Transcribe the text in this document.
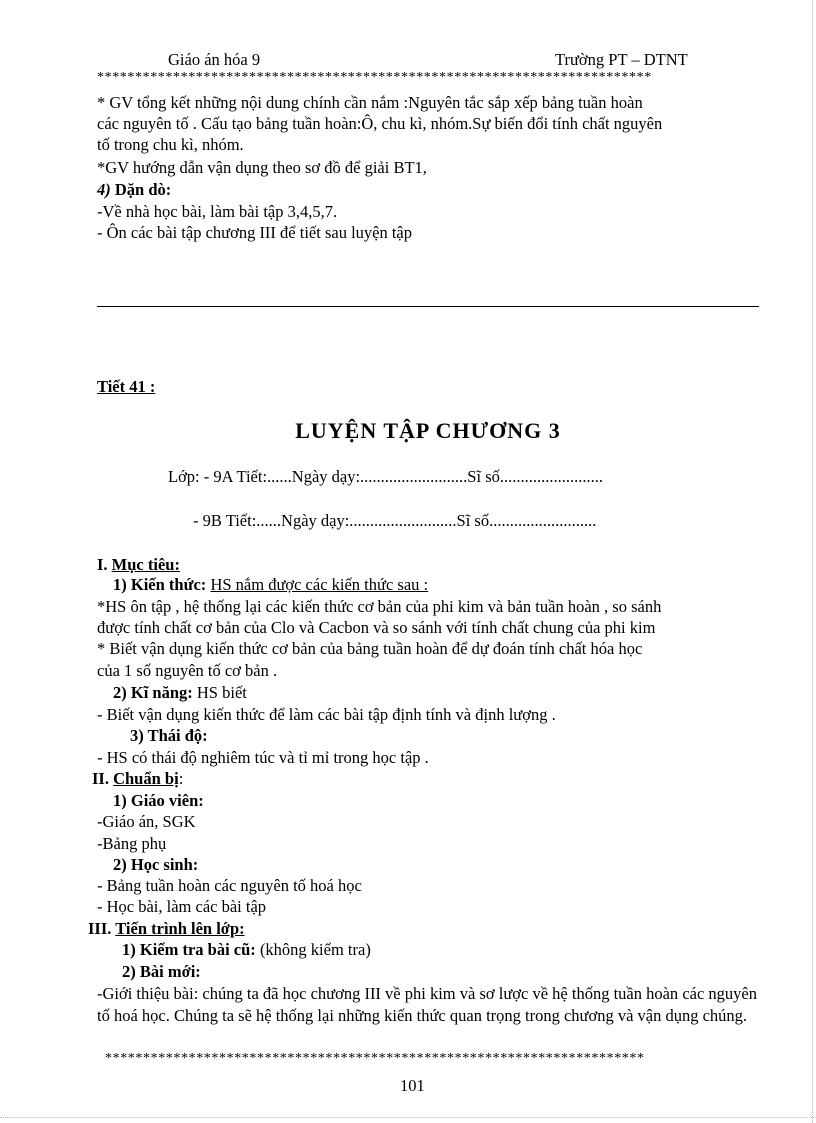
Giáo án hóa 9	Trường PT – DTNT
*************************************************************************
* GV tổng kết những nội dung chính cần nắm :Nguyên tắc sắp xếp bảng tuần hoàn
các nguyên tố . Cấu tạo bảng tuần hoàn:Ô, chu kì, nhóm.Sự biến đổi tính chất nguyên
tố trong chu kì, nhóm.
*GV hướng dẫn vận dụng theo sơ đồ để giải BT1,
4) Dặn dò:
-Về nhà học bài, làm bài tập 3,4,5,7.
- Ôn các bài tập chương III để tiết sau luyện tập
Tiết 41 :
LUYỆN TẬP CHƯƠNG 3
Lớp: - 9A Tiết:......Ngày dạy:..........................Sĩ số.........................
- 9B Tiết:......Ngày dạy:..........................Sĩ số..........................
I. Mục tiêu:
1) Kiến thức: HS nắm được các kiến thức sau :
*HS ôn tập , hệ thống lại các kiến thức cơ bản của phi kim và bản tuần hoàn , so sánh
được tính chất cơ bản của Clo và Cacbon và so sánh với tính chất chung của phi kim
* Biết vận dụng kiến thức cơ bản của bảng tuần hoàn để dự đoán tính chất hóa học
của 1 số nguyên tố cơ bản .
2) Kĩ năng: HS biết
- Biết vận dụng kiến thức để làm các bài tập định tính và định lượng .
3) Thái độ:
- HS có thái độ nghiêm túc và tỉ mỉ trong học tập .
II. Chuẩn bị:
1) Giáo viên:
-Giáo án, SGK
-Bảng phụ
2) Học sinh:
- Bảng tuần hoàn các nguyên tố hoá học
- Học bài, làm các bài tập
III. Tiến trình lên lớp:
1) Kiểm tra bài cũ: (không kiểm tra)
2) Bài mới:
-Giới thiệu bài: chúng ta đã học chương III về phi kim và sơ lược về hệ thống tuần hoàn các nguyên tố hoá học. Chúng ta sẽ hệ thống lại những kiến thức quan trọng trong chương và vận dụng chúng.
***********************************************************************
101
